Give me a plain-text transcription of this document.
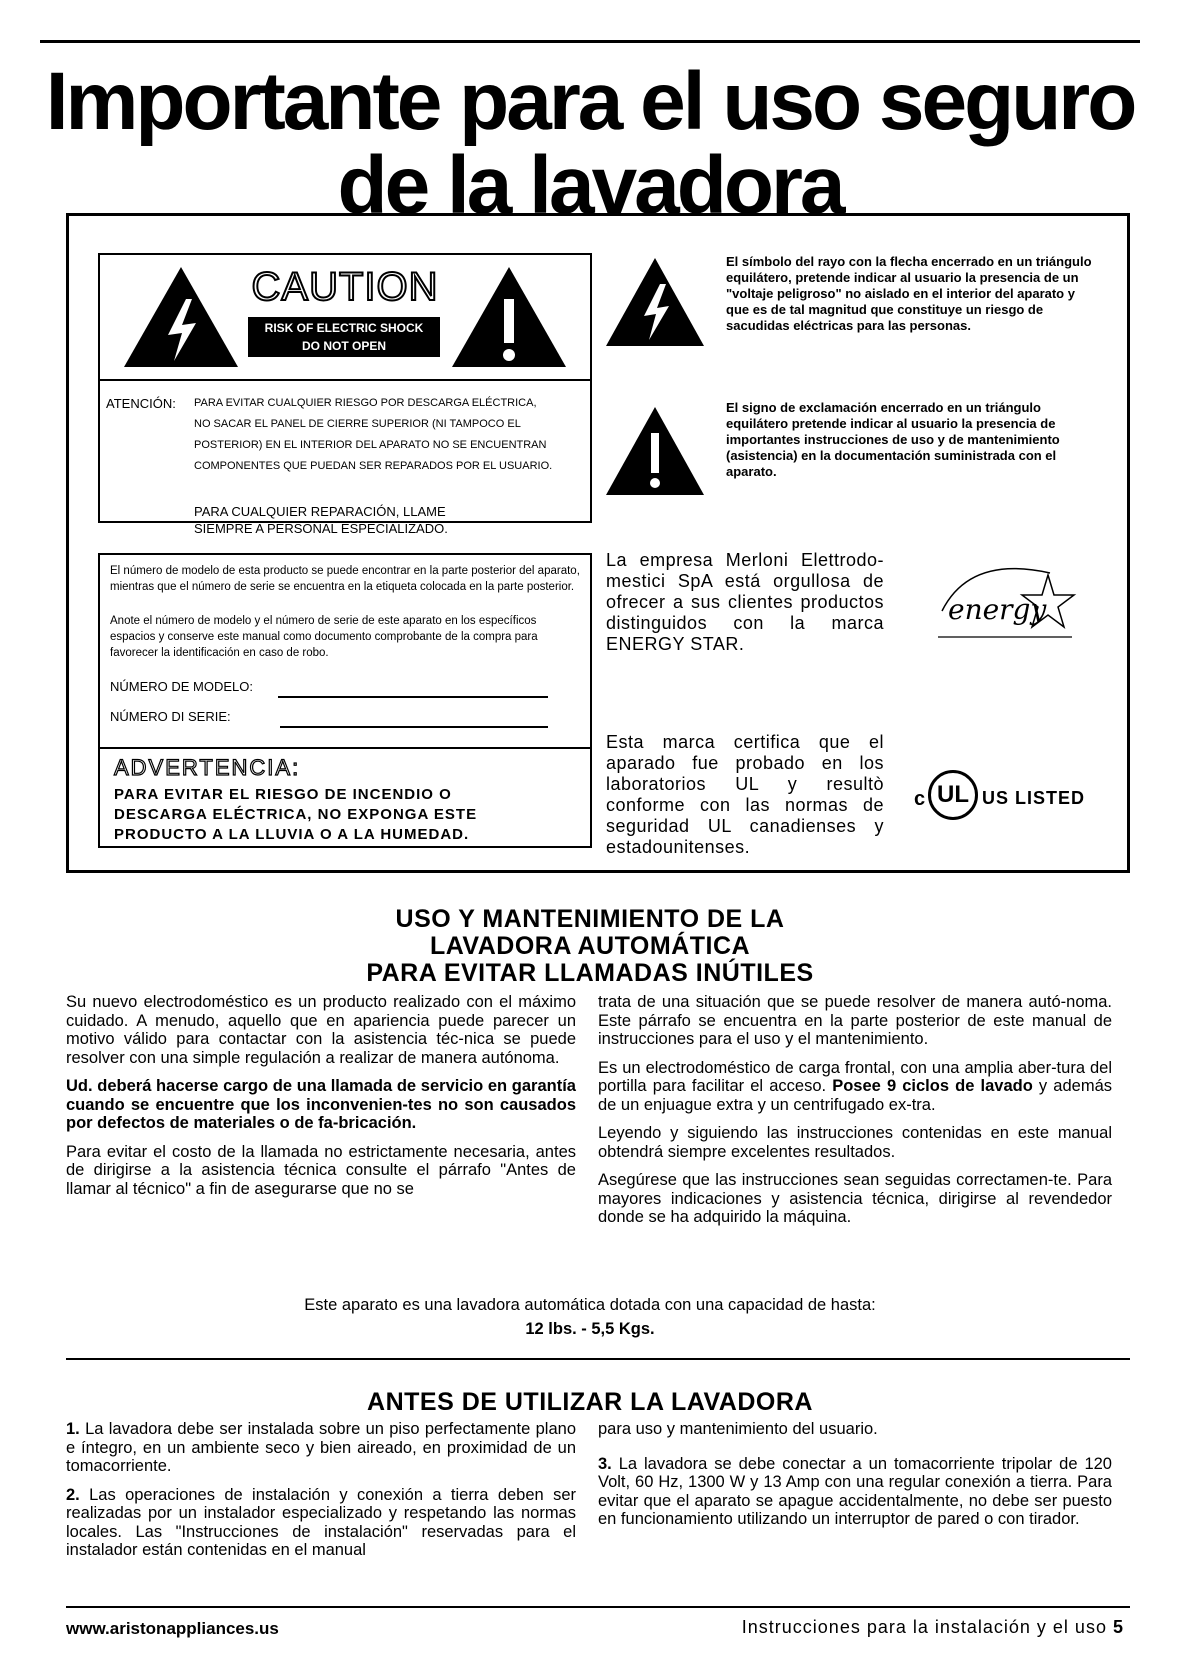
Importante para el uso seguro
de la lavadora
CAUTION
RISK OF ELECTRIC SHOCK
DO NOT OPEN
ATENCIÓN: PARA EVITAR CUALQUIER RIESGO POR DESCARGA ELÉCTRICA,
NO SACAR EL PANEL DE CIERRE SUPERIOR (NI TAMPOCO EL
POSTERIOR) EN EL INTERIOR DEL APARATO NO SE ENCUENTRAN
COMPONENTES QUE PUEDAN SER REPARADOS POR EL USUARIO.
PARA CUALQUIER REPARACIÓN, LLAME
SIEMPRE A PERSONAL ESPECIALIZADO.
El símbolo del rayo con la flecha encerrado en un triángulo equilátero, pretende indicar al usuario la presencia de un "voltaje peligroso" no aislado en el interior del aparato y que es de tal magnitud que constituye un riesgo de sacudidas eléctricas para las personas.
El signo de exclamación encerrado en un triángulo equilátero pretende indicar al usuario la presencia de importantes instrucciones de uso y de mantenimiento (asistencia) en la documentación suministrada con el aparato.
El número de modelo de esta producto se puede encontrar en la parte posterior del aparato, mientras que el número de serie se encuentra en la etiqueta colocada en la parte posterior.
Anote el número de modelo y el número de serie de este aparato en los específicos espacios y conserve este manual como documento comprobante de la compra para favorecer la identificación en caso de robo.
NÚMERO DE MODELO:
NÚMERO DI SERIE:
ADVERTENCIA:
PARA EVITAR EL RIESGO DE INCENDIO O
DESCARGA ELÉCTRICA, NO EXPONGA ESTE
PRODUCTO A LA LLUVIA O A LA HUMEDAD.
La empresa Merloni Elettrodo-mestici SpA está orgullosa de ofrecer a sus clientes productos distinguidos con la marca ENERGY STAR.
energy
Esta marca certifica que el aparado fue probado en los laboratorios UL y resultò conforme con las normas de seguridad UL canadienses y estadounitenses.
c UL US LISTED
USO Y MANTENIMIENTO DE LA
LAVADORA AUTOMÁTICA
PARA EVITAR LLAMADAS INÚTILES

Su nuevo electrodoméstico es un producto realizado con el máximo cuidado. A menudo, aquello que en apariencia puede parecer un motivo válido para contactar con la asistencia téc-nica se puede resolver con una simple regulación a realizar de manera autónoma.

Ud. deberá hacerse cargo de una llamada de servicio en garantía cuando se encuentre que los inconvenien-tes no son causados por defectos de materiales o de fa-bricación.

Para evitar el costo de la llamada no estrictamente necesaria, antes de dirigirse a la asistencia técnica consulte el párrafo "Antes de llamar al técnico" a fin de asegurarse que no se

trata de una situación que se puede resolver de manera autó-noma. Este párrafo se encuentra en la parte posterior de este manual de instrucciones para el uso y el mantenimiento.

Es un electrodoméstico de carga frontal, con una amplia aber-tura del portilla para facilitar el acceso. Posee 9 ciclos de lavado y además de un enjuague extra y un centrifugado ex-tra.

Leyendo y siguiendo las instrucciones contenidas en este manual obtendrá siempre excelentes resultados.

Asegúrese que las instrucciones sean seguidas correctamen-te. Para mayores indicaciones y asistencia técnica, dirigirse al revendedor donde se ha adquirido la máquina.

Este aparato es una lavadora automática dotada con una capacidad de hasta:
12 lbs. - 5,5 Kgs.
ANTES DE UTILIZAR LA LAVADORA

1. La lavadora debe ser instalada sobre un piso perfectamente plano e íntegro, en un ambiente seco y bien aireado, en proximidad de un tomacorriente.

2. Las operaciones de instalación y conexión a tierra deben ser realizadas por un instalador especializado y respetando las normas locales. Las "Instrucciones de instalación" reservadas para el instalador están contenidas en el manual

para uso y mantenimiento del usuario.

3. La lavadora se debe conectar a un tomacorriente tripolar de 120 Volt, 60 Hz, 1300 W y 13 Amp con una regular conexión a tierra. Para evitar que el aparato se apague accidentalmente, no debe ser puesto en funcionamiento utilizando un interruptor de pared o con tirador.

www.aristonappliances.us	Instrucciones para la instalación y el uso 5
